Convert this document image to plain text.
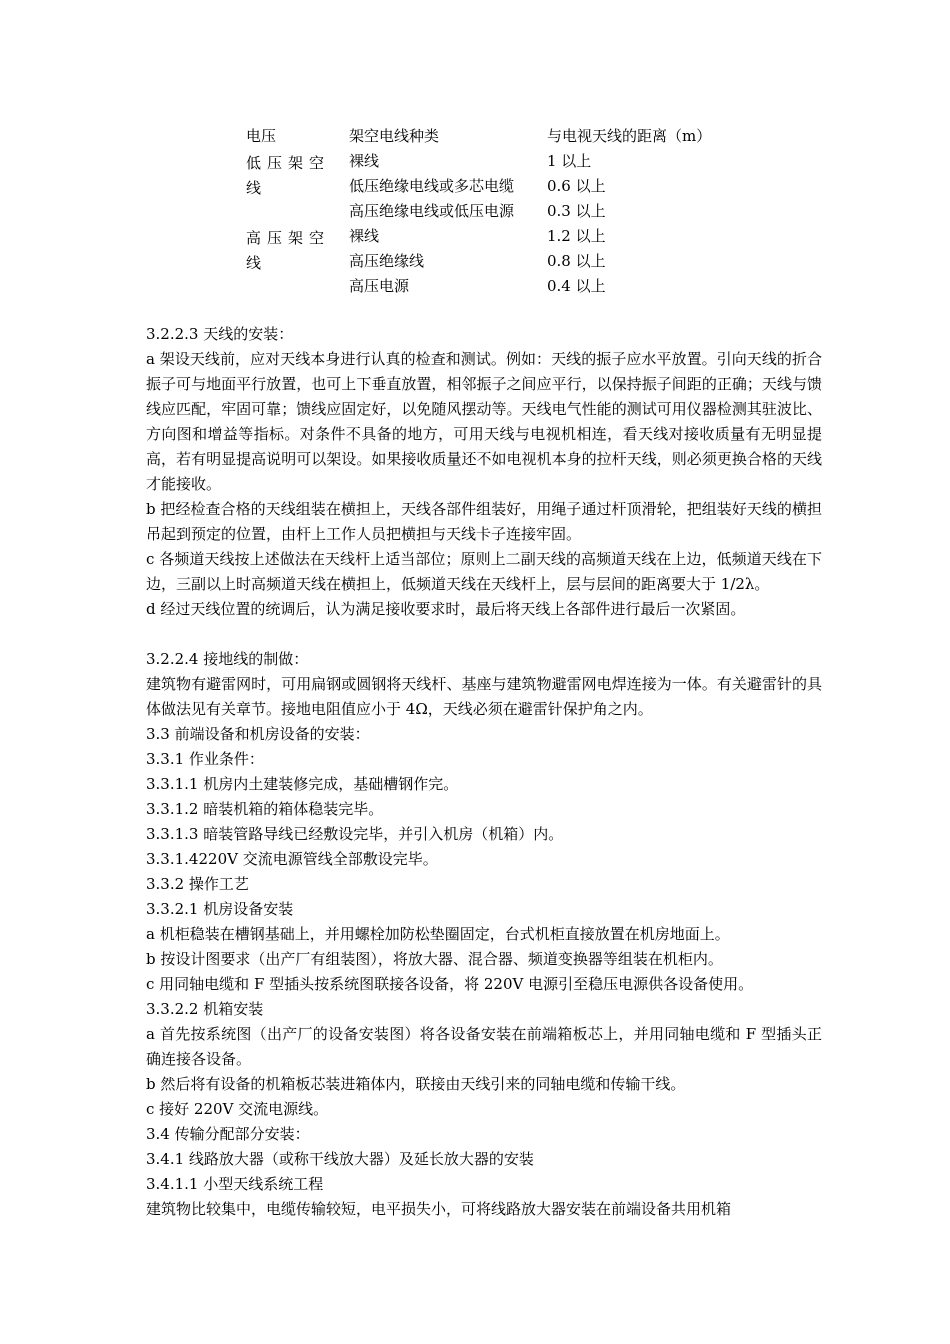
电压	架空电线种类	与电视天线的距离（m）

低压架空线	裸线	1 以上
	低压绝缘电线或多芯电缆	0.6 以上
	高压绝缘电线或低压电源	0.3 以上

高压架空线	裸线	1.2 以上
	高压绝缘线	0.8 以上
	高压电源	0.4 以上

3.2.2.3 天线的安装：

a 架设天线前，应对天线本身进行认真的检查和测试。例如：天线的振子应水平放置。引向天线的折合振子可与地面平行放置，也可上下垂直放置，相邻振子之间应平行，以保持振子间距的正确；天线与馈线应匹配，牢固可靠；馈线应固定好，以免随风摆动等。天线电气性能的测试可用仪器检测其驻波比、方向图和增益等指标。对条件不具备的地方，可用天线与电视机相连，看天线对接收质量有无明显提高，若有明显提高说明可以架设。如果接收质量还不如电视机本身的拉杆天线，则必须更换合格的天线才能接收。

b 把经检查合格的天线组装在横担上，天线各部件组装好，用绳子通过杆顶滑轮，把组装好天线的横担吊起到预定的位置，由杆上工作人员把横担与天线卡子连接牢固。

c 各频道天线按上述做法在天线杆上适当部位；原则上二副天线的高频道天线在上边，低频道天线在下边，三副以上时高频道天线在横担上，低频道天线在天线杆上，层与层间的距离要大于 1/2λ。

d 经过天线位置的统调后，认为满足接收要求时，最后将天线上各部件进行最后一次紧固。

3.2.2.4 接地线的制做：

建筑物有避雷网时，可用扁钢或圆钢将天线杆、基座与建筑物避雷网电焊连接为一体。有关避雷针的具体做法见有关章节。接地电阻值应小于 4Ω，天线必须在避雷针保护角之内。

3.3 前端设备和机房设备的安装：

3.3.1 作业条件：

3.3.1.1 机房内土建装修完成，基础槽钢作完。

3.3.1.2 暗装机箱的箱体稳装完毕。

3.3.1.3 暗装管路导线已经敷设完毕，并引入机房（机箱）内。

3.3.1.4220V 交流电源管线全部敷设完毕。

3.3.2 操作工艺

3.3.2.1 机房设备安装

a 机柜稳装在槽钢基础上，并用螺栓加防松垫圈固定，台式机柜直接放置在机房地面上。

b 按设计图要求（出产厂有组装图），将放大器、混合器、频道变换器等组装在机柜内。

c 用同轴电缆和 F 型插头按系统图联接各设备，将 220V 电源引至稳压电源供各设备使用。

3.3.2.2 机箱安装

a 首先按系统图（出产厂的设备安装图）将各设备安装在前端箱板芯上，并用同轴电缆和 F 型插头正确连接各设备。

b 然后将有设备的机箱板芯装进箱体内，联接由天线引来的同轴电缆和传输干线。

c 接好 220V 交流电源线。

3.4 传输分配部分安装：

3.4.1 线路放大器（或称干线放大器）及延长放大器的安装

3.4.1.1 小型天线系统工程

建筑物比较集中，电缆传输较短，电平损失小，可将线路放大器安装在前端设备共用机箱
